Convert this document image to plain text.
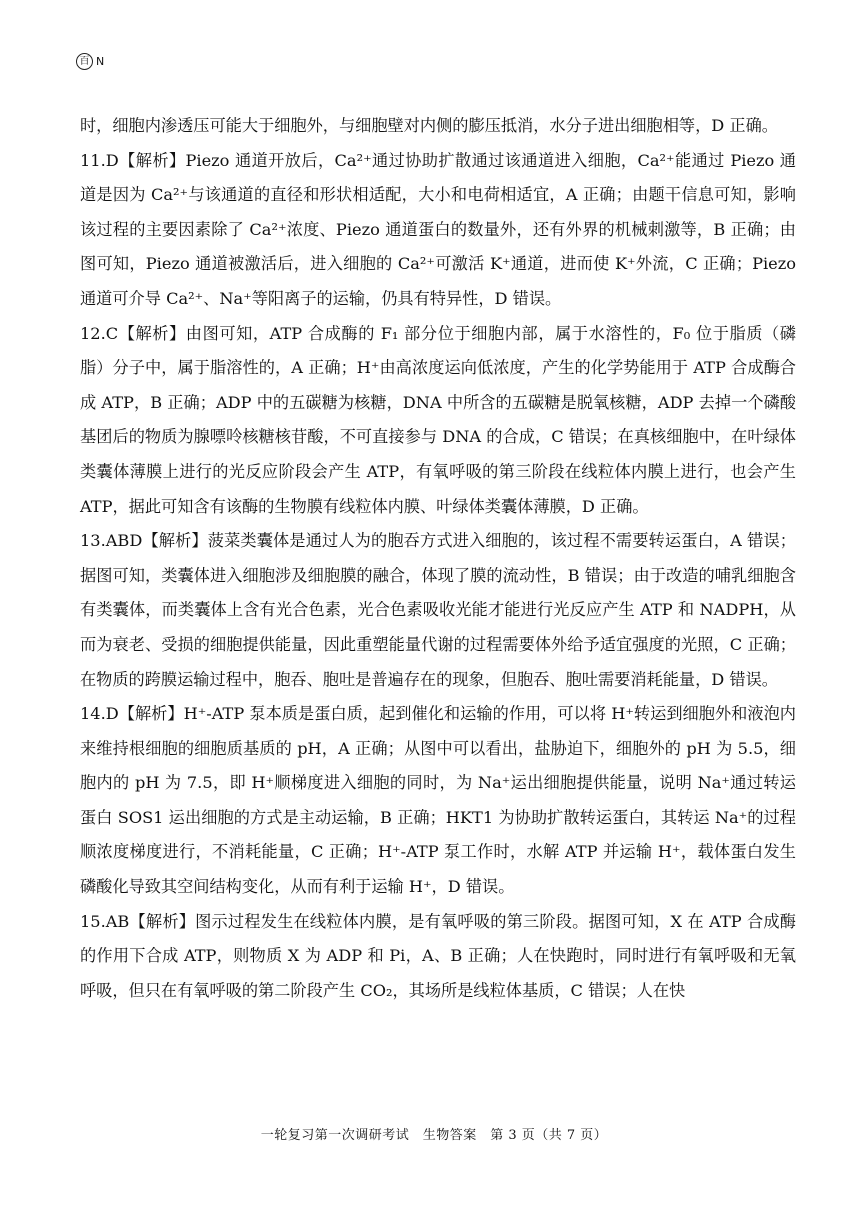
百 N

时，细胞内渗透压可能大于细胞外，与细胞壁对内侧的膨压抵消，水分子进出细胞相等，D 正确。

11.D【解析】Piezo 通道开放后，Ca²⁺通过协助扩散通过该通道进入细胞，Ca²⁺能通过 Piezo 通道是因为 Ca²⁺与该通道的直径和形状相适配，大小和电荷相适宜，A 正确；由题干信息可知，影响该过程的主要因素除了 Ca²⁺浓度、Piezo 通道蛋白的数量外，还有外界的机械刺激等，B 正确；由图可知，Piezo 通道被激活后，进入细胞的 Ca²⁺可激活 K⁺通道，进而使 K⁺外流，C 正确；Piezo 通道可介导 Ca²⁺、Na⁺等阳离子的运输，仍具有特异性，D 错误。

12.C【解析】由图可知，ATP 合成酶的 F₁ 部分位于细胞内部，属于水溶性的，F₀ 位于脂质（磷脂）分子中，属于脂溶性的，A 正确；H⁺由高浓度运向低浓度，产生的化学势能用于 ATP 合成酶合成 ATP，B 正确；ADP 中的五碳糖为核糖，DNA 中所含的五碳糖是脱氧核糖，ADP 去掉一个磷酸基团后的物质为腺嘌呤核糖核苷酸，不可直接参与 DNA 的合成，C 错误；在真核细胞中，在叶绿体类囊体薄膜上进行的光反应阶段会产生 ATP，有氧呼吸的第三阶段在线粒体内膜上进行，也会产生 ATP，据此可知含有该酶的生物膜有线粒体内膜、叶绿体类囊体薄膜，D 正确。

13.ABD【解析】菠菜类囊体是通过人为的胞吞方式进入细胞的，该过程不需要转运蛋白，A 错误；据图可知，类囊体进入细胞涉及细胞膜的融合，体现了膜的流动性，B 错误；由于改造的哺乳细胞含有类囊体，而类囊体上含有光合色素，光合色素吸收光能才能进行光反应产生 ATP 和 NADPH，从而为衰老、受损的细胞提供能量，因此重塑能量代谢的过程需要体外给予适宜强度的光照，C 正确；在物质的跨膜运输过程中，胞吞、胞吐是普遍存在的现象，但胞吞、胞吐需要消耗能量，D 错误。

14.D【解析】H⁺-ATP 泵本质是蛋白质，起到催化和运输的作用，可以将 H⁺转运到细胞外和液泡内来维持根细胞的细胞质基质的 pH，A 正确；从图中可以看出，盐胁迫下，细胞外的 pH 为 5.5，细胞内的 pH 为 7.5，即 H⁺顺梯度进入细胞的同时，为 Na⁺运出细胞提供能量，说明 Na⁺通过转运蛋白 SOS1 运出细胞的方式是主动运输，B 正确；HKT1 为协助扩散转运蛋白，其转运 Na⁺的过程顺浓度梯度进行，不消耗能量，C 正确；H⁺-ATP 泵工作时，水解 ATP 并运输 H⁺，载体蛋白发生磷酸化导致其空间结构变化，从而有利于运输 H⁺，D 错误。

15.AB【解析】图示过程发生在线粒体内膜，是有氧呼吸的第三阶段。据图可知，X 在 ATP 合成酶的作用下合成 ATP，则物质 X 为 ADP 和 Pi，A、B 正确；人在快跑时，同时进行有氧呼吸和无氧呼吸，但只在有氧呼吸的第二阶段产生 CO₂，其场所是线粒体基质，C 错误；人在快

一轮复习第一次调研考试　生物答案　第 3 页（共 7 页）
